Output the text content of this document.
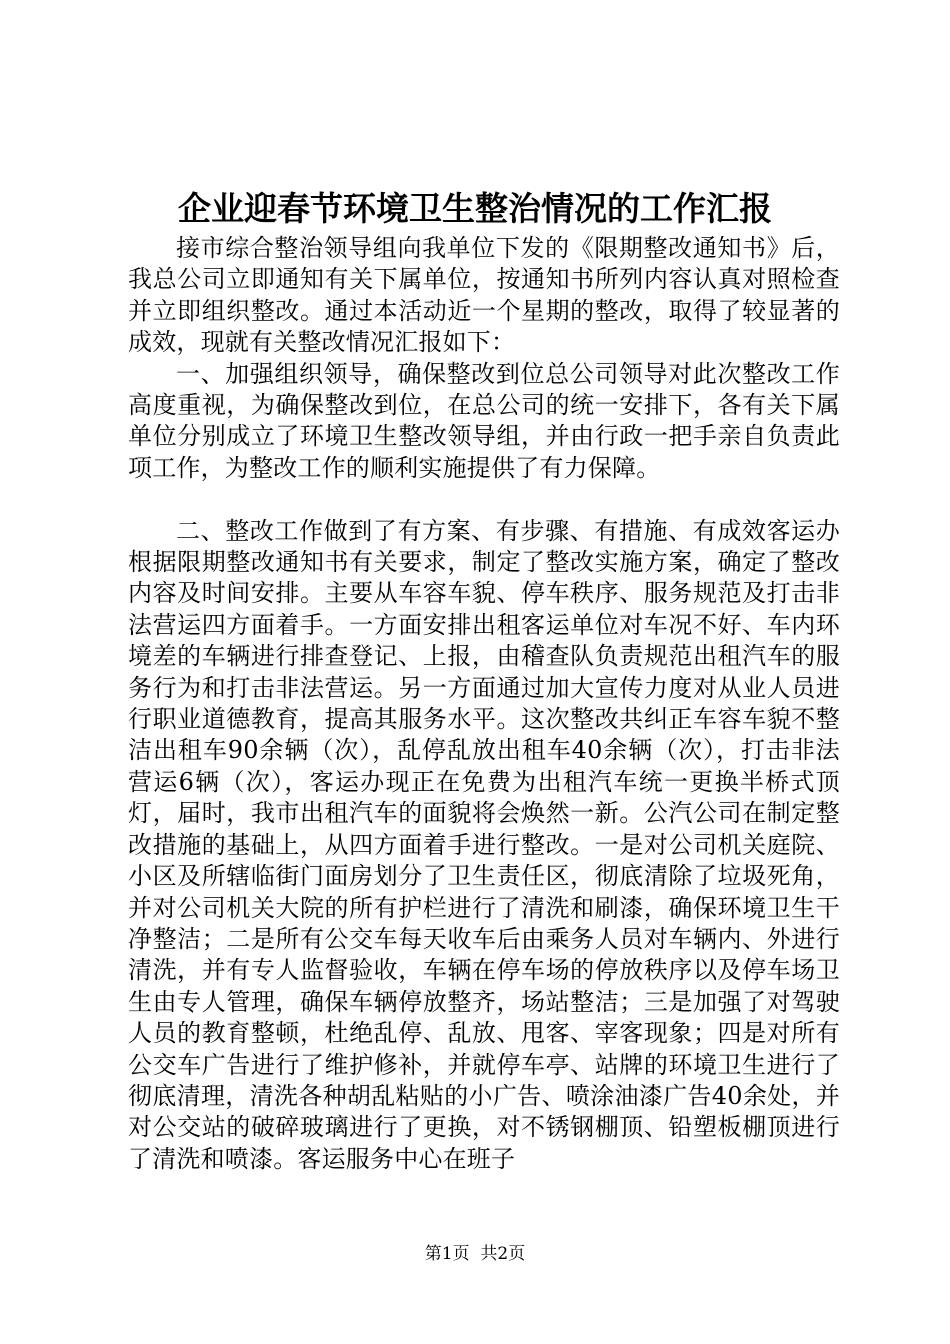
企业迎春节环境卫生整治情况的工作汇报

接市综合整治领导组向我单位下发的《限期整改通知书》后，我总公司立即通知有关下属单位，按通知书所列内容认真对照检查并立即组织整改。通过本活动近一个星期的整改，取得了较显著的成效，现就有关整改情况汇报如下：

一、加强组织领导，确保整改到位总公司领导对此次整改工作高度重视，为确保整改到位，在总公司的统一安排下，各有关下属单位分别成立了环境卫生整改领导组，并由行政一把手亲自负责此项工作，为整改工作的顺利实施提供了有力保障。

二、整改工作做到了有方案、有步骤、有措施、有成效客运办根据限期整改通知书有关要求，制定了整改实施方案，确定了整改内容及时间安排。主要从车容车貌、停车秩序、服务规范及打击非法营运四方面着手。一方面安排出租客运单位对车况不好、车内环境差的车辆进行排查登记、上报，由稽查队负责规范出租汽车的服务行为和打击非法营运。另一方面通过加大宣传力度对从业人员进行职业道德教育，提高其服务水平。这次整改共纠正车容车貌不整洁出租车90余辆（次），乱停乱放出租车40余辆（次），打击非法营运6辆（次），客运办现正在免费为出租汽车统一更换半桥式顶灯，届时，我市出租汽车的面貌将会焕然一新。公汽公司在制定整改措施的基础上，从四方面着手进行整改。一是对公司机关庭院、小区及所辖临街门面房划分了卫生责任区，彻底清除了垃圾死角，并对公司机关大院的所有护栏进行了清洗和刷漆，确保环境卫生干净整洁；二是所有公交车每天收车后由乘务人员对车辆内、外进行清洗，并有专人监督验收，车辆在停车场的停放秩序以及停车场卫生由专人管理，确保车辆停放整齐，场站整洁；三是加强了对驾驶人员的教育整顿，杜绝乱停、乱放、甩客、宰客现象；四是对所有公交车广告进行了维护修补，并就停车亭、站牌的环境卫生进行了彻底清理，清洗各种胡乱粘贴的小广告、喷涂油漆广告40余处，并对公交站的破碎玻璃进行了更换，对不锈钢棚顶、铅塑板棚顶进行了清洗和喷漆。客运服务中心在班子

第1页 共2页
